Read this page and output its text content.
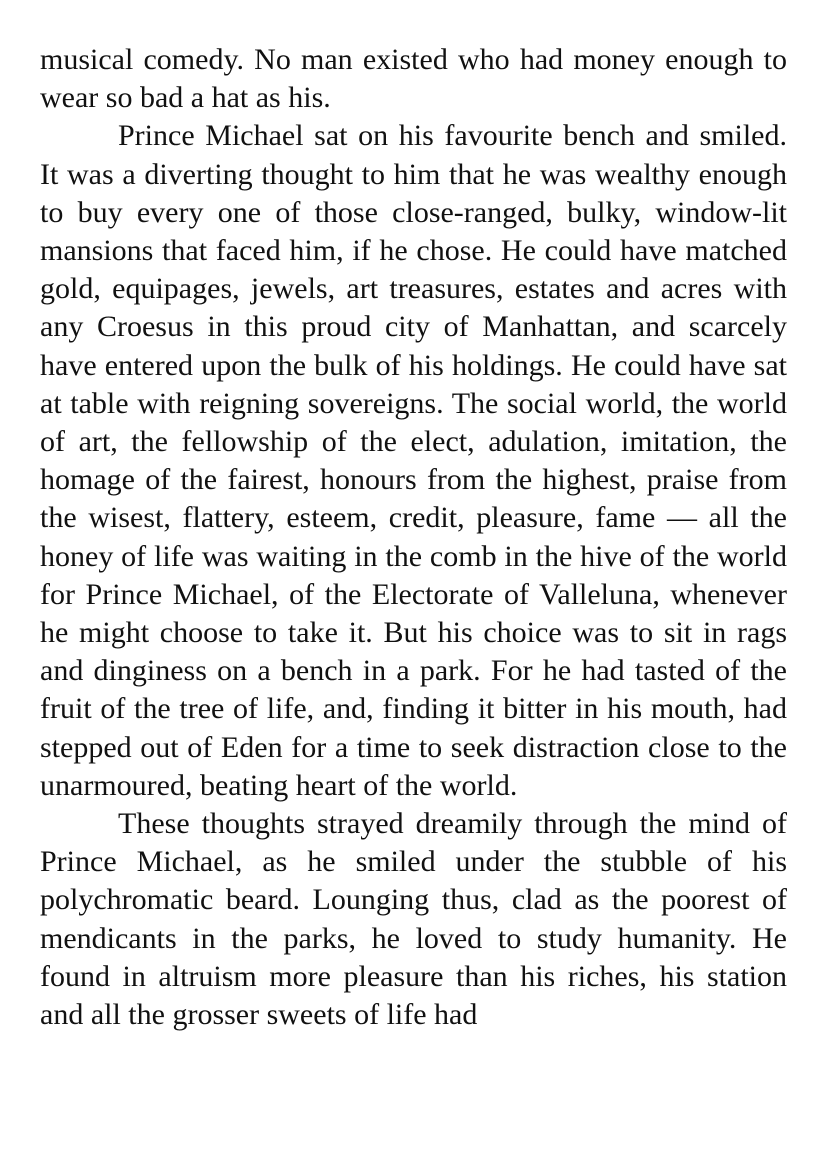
musical comedy. No man existed who had money enough to wear so bad a hat as his.

Prince Michael sat on his favourite bench and smiled. It was a diverting thought to him that he was wealthy enough to buy every one of those close-ranged, bulky, window-lit mansions that faced him, if he chose. He could have matched gold, equipages, jewels, art treasures, estates and acres with any Croesus in this proud city of Manhattan, and scarcely have entered upon the bulk of his holdings. He could have sat at table with reigning sovereigns. The social world, the world of art, the fellowship of the elect, adulation, imitation, the homage of the fairest, honours from the highest, praise from the wisest, flattery, esteem, credit, pleasure, fame — all the honey of life was waiting in the comb in the hive of the world for Prince Michael, of the Electorate of Valleluna, whenever he might choose to take it. But his choice was to sit in rags and dinginess on a bench in a park. For he had tasted of the fruit of the tree of life, and, finding it bitter in his mouth, had stepped out of Eden for a time to seek distraction close to the unarmoured, beating heart of the world.

These thoughts strayed dreamily through the mind of Prince Michael, as he smiled under the stubble of his polychromatic beard. Lounging thus, clad as the poorest of mendicants in the parks, he loved to study humanity. He found in altruism more pleasure than his riches, his station and all the grosser sweets of life had
